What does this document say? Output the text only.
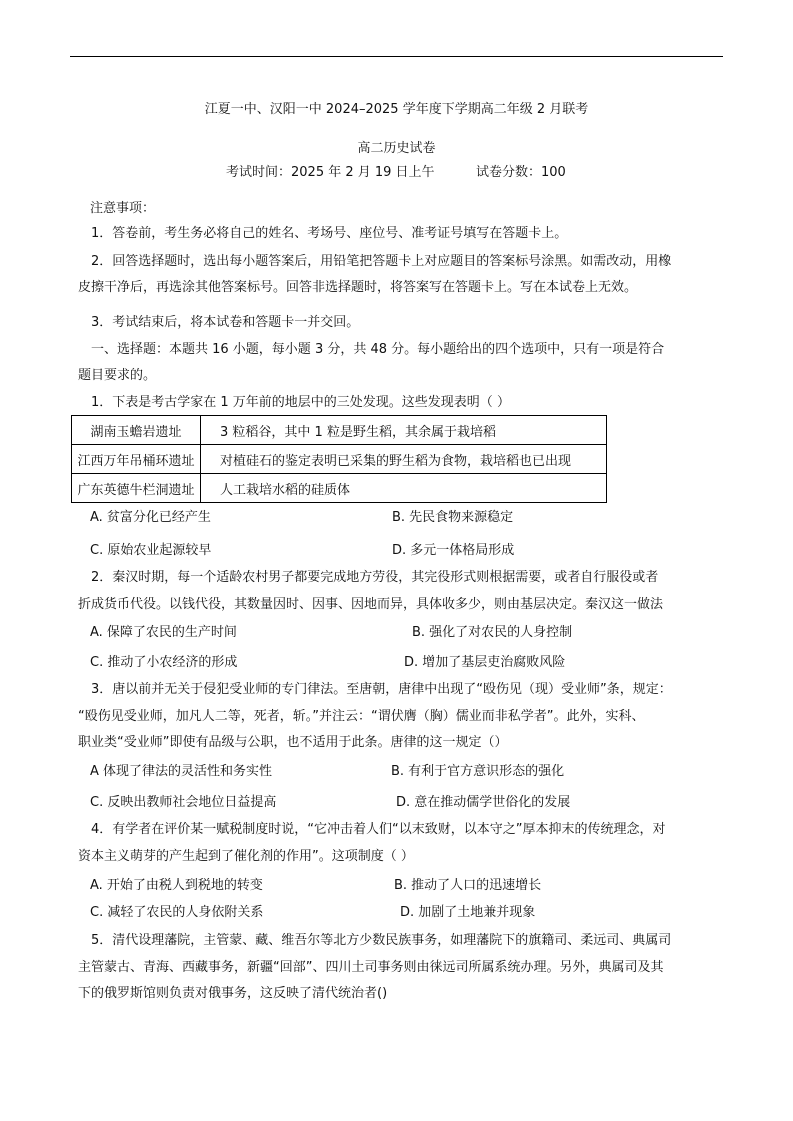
江夏一中、汉阳一中 2024–2025 学年度下学期高二年级 2 月联考
高二历史试卷
考试时间：2025 年 2 月 19 日上午	试卷分数：100
注意事项：
1．答卷前，考生务必将自己的姓名、考场号、座位号、准考证号填写在答题卡上。
2．回答选择题时，选出每小题答案后，用铅笔把答题卡上对应题目的答案标号涂黑。如需改动，用橡
皮擦干净后，再选涂其他答案标号。回答非选择题时，将答案写在答题卡上。写在本试卷上无效。
3．考试结束后，将本试卷和答题卡一并交回。
一、选择题：本题共 16 小题，每小题 3 分，共 48 分。每小题给出的四个选项中，只有一项是符合
题目要求的。
1．下表是考古学家在 1 万年前的地层中的三处发现。这些发现表明（ ）
湖南玉蟾岩遗址	3 粒稻谷，其中 1 粒是野生稻，其余属于栽培稻
江西万年吊桶环遗址	对植硅石的鉴定表明已采集的野生稻为食物，栽培稻也已出现
广东英德牛栏洞遗址	人工栽培水稻的硅质体
A. 贫富分化已经产生	B. 先民食物来源稳定
C. 原始农业起源较早	D. 多元一体格局形成
2．秦汉时期，每一个适龄农村男子都要完成地方劳役，其完役形式则根据需要，或者自行服役或者
折成货币代役。以钱代役，其数量因时、因事、因地而异，具体收多少，则由基层决定。秦汉这一做法
A. 保障了农民的生产时间	B. 强化了对农民的人身控制
C. 推动了小农经济的形成	D. 增加了基层吏治腐败风险
3．唐以前并无关于侵犯受业师的专门律法。至唐朝，唐律中出现了“殴伤见（现）受业师”条，规定：
“殴伤见受业师，加凡人二等，死者，斩。”并注云：“谓伏膺（胸）儒业而非私学者”。此外，实科、
职业类“受业师”即使有品级与公职，也不适用于此条。唐律的这一规定（）
A 体现了律法的灵活性和务实性	B. 有利于官方意识形态的强化
C. 反映出教师社会地位日益提高	D. 意在推动儒学世俗化的发展
4．有学者在评价某一赋税制度时说，“它冲击着人们“以末致财，以本守之”厚本抑末的传统理念，对
资本主义萌芽的产生起到了催化剂的作用”。这项制度（ ）
A. 开始了由税人到税地的转变	B. 推动了人口的迅速增长
C. 减轻了农民的人身依附关系	D. 加剧了土地兼并现象
5．清代设理藩院，主管蒙、藏、维吾尔等北方少数民族事务，如理藩院下的旗籍司、柔远司、典属司
主管蒙古、青海、西藏事务，新疆“回部”、四川土司事务则由徕远司所属系统办理。另外，典属司及其
下的俄罗斯馆则负责对俄事务，这反映了清代统治者()
